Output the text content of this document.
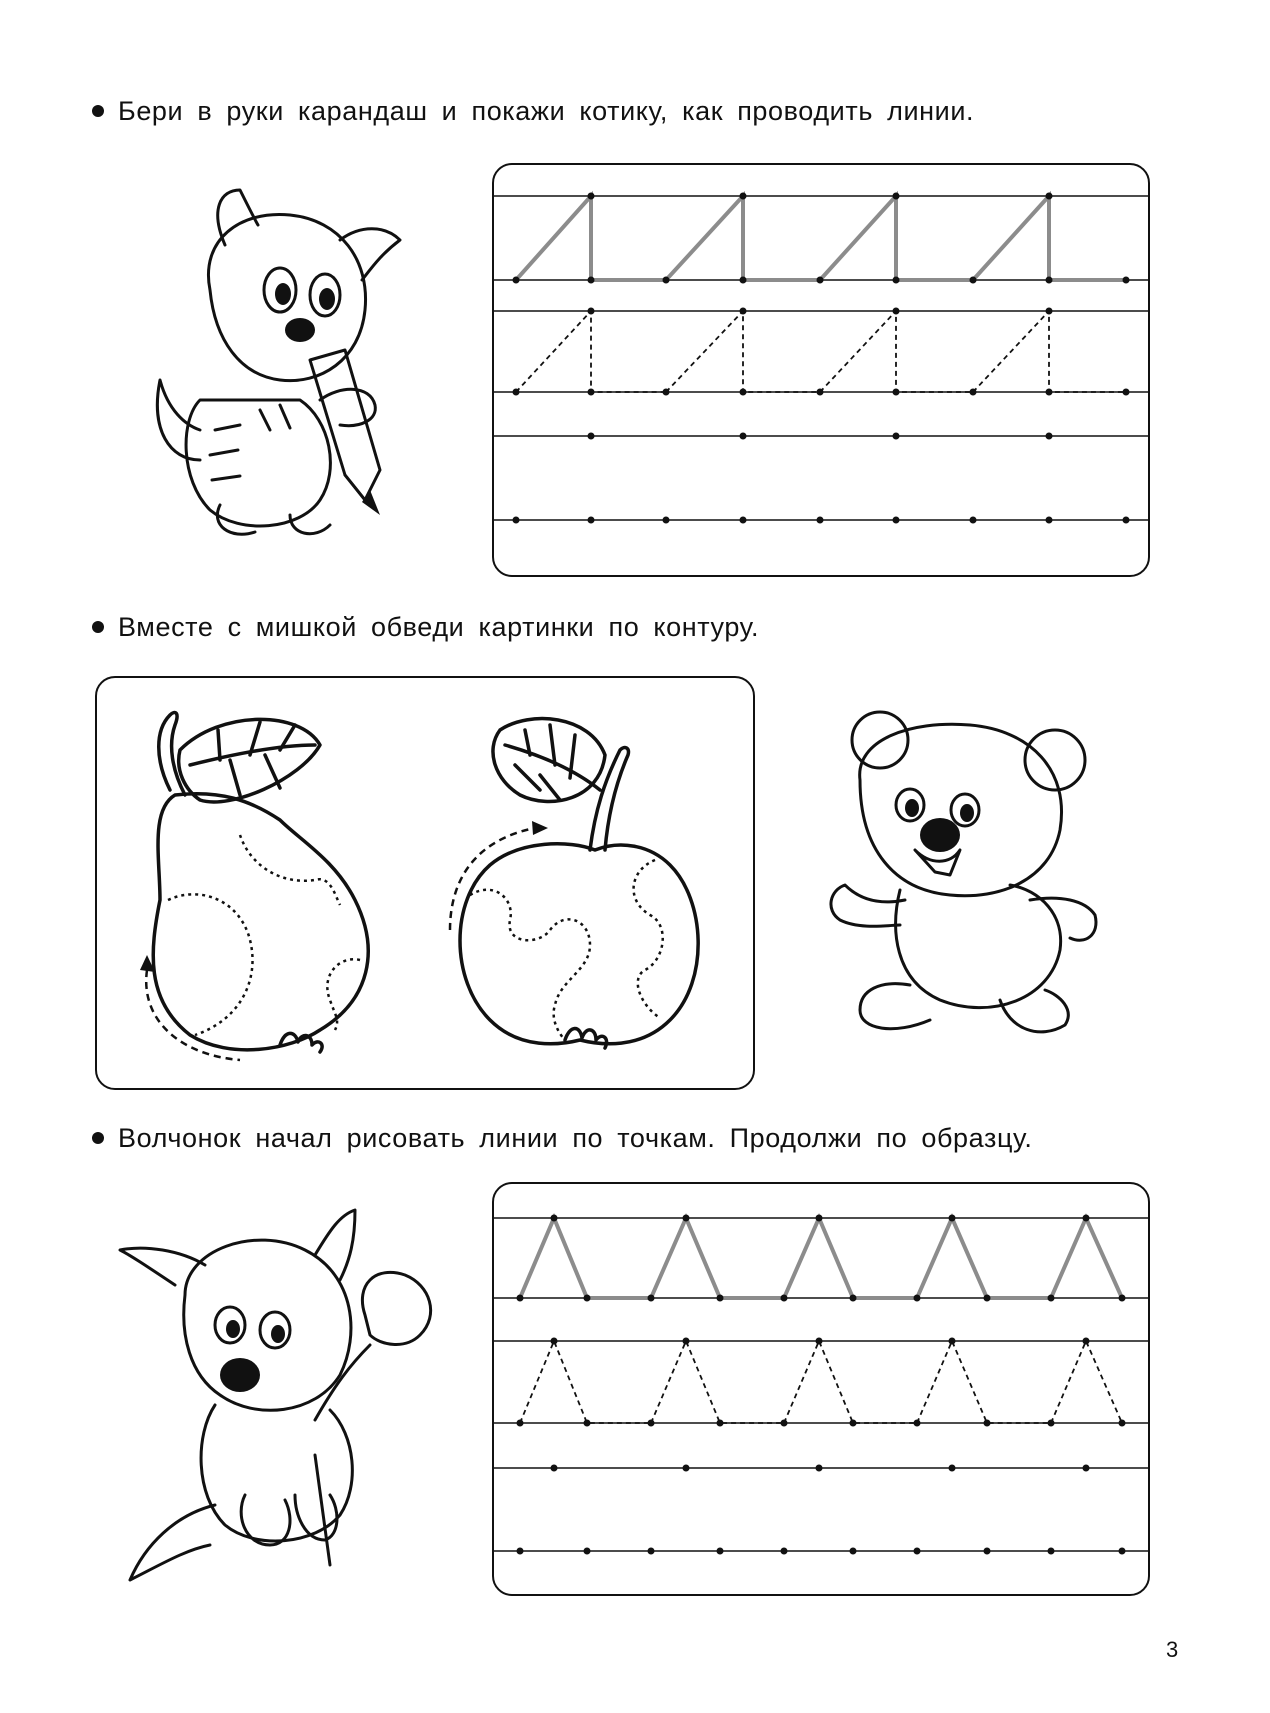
Бери в руки карандаш и покажи котику, как проводить линии.
Вместе с мишкой обведи картинки по контуру.
Волчонок начал рисовать линии по точкам. Продолжи по образцу.
3
